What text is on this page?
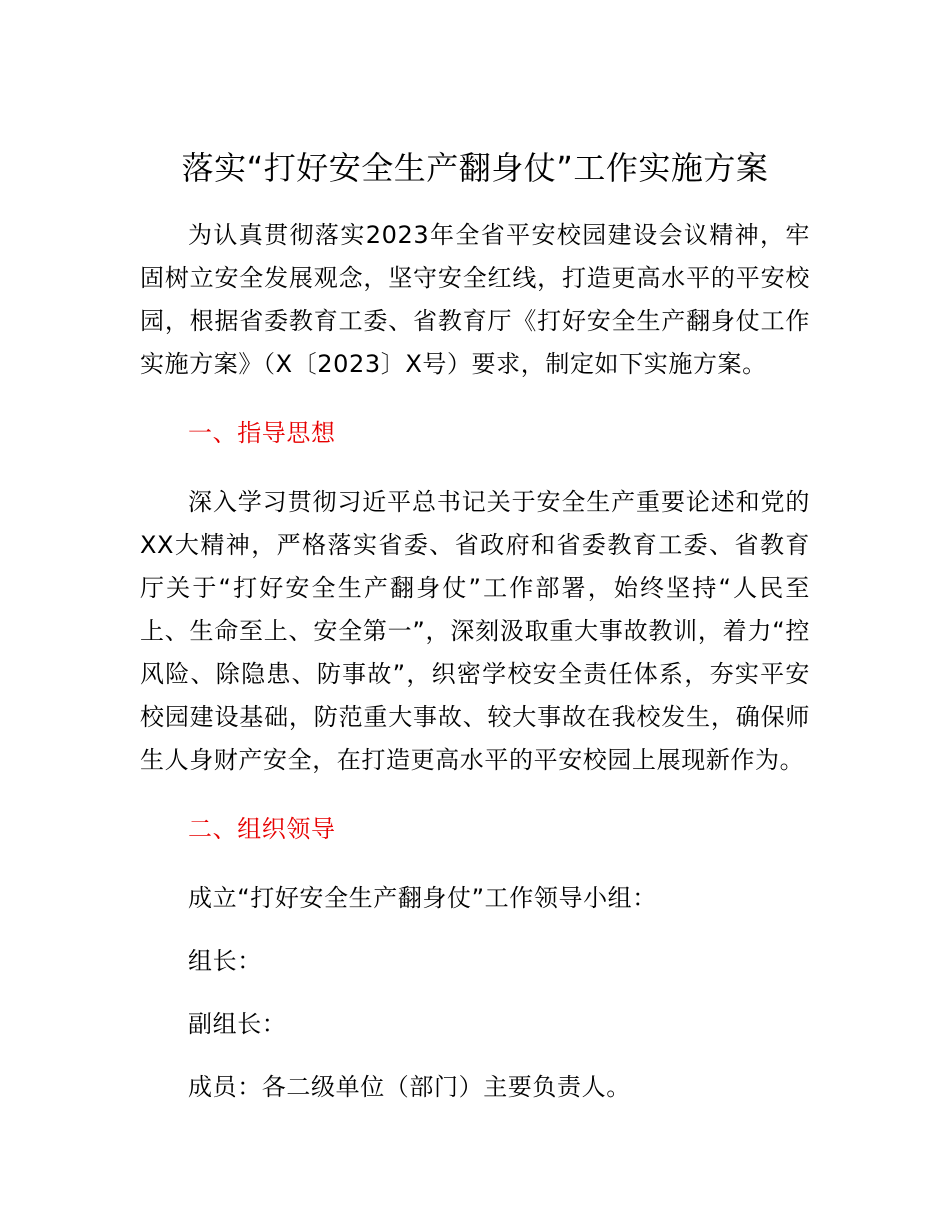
落实“打好安全生产翻身仗”工作实施方案

为认真贯彻落实2023年全省平安校园建设会议精神，牢固树立安全发展观念，坚守安全红线，打造更高水平的平安校园，根据省委教育工委、省教育厅《打好安全生产翻身仗工作实施方案》（X〔2023〕X号）要求，制定如下实施方案。

一、指导思想

深入学习贯彻习近平总书记关于安全生产重要论述和党的XX大精神，严格落实省委、省政府和省委教育工委、省教育厅关于“打好安全生产翻身仗”工作部署，始终坚持“人民至上、生命至上、安全第一”，深刻汲取重大事故教训，着力“控风险、除隐患、防事故”，织密学校安全责任体系，夯实平安校园建设基础，防范重大事故、较大事故在我校发生，确保师生人身财产安全，在打造更高水平的平安校园上展现新作为。

二、组织领导

成立“打好安全生产翻身仗”工作领导小组：

组长：

副组长：

成员：各二级单位（部门）主要负责人。
